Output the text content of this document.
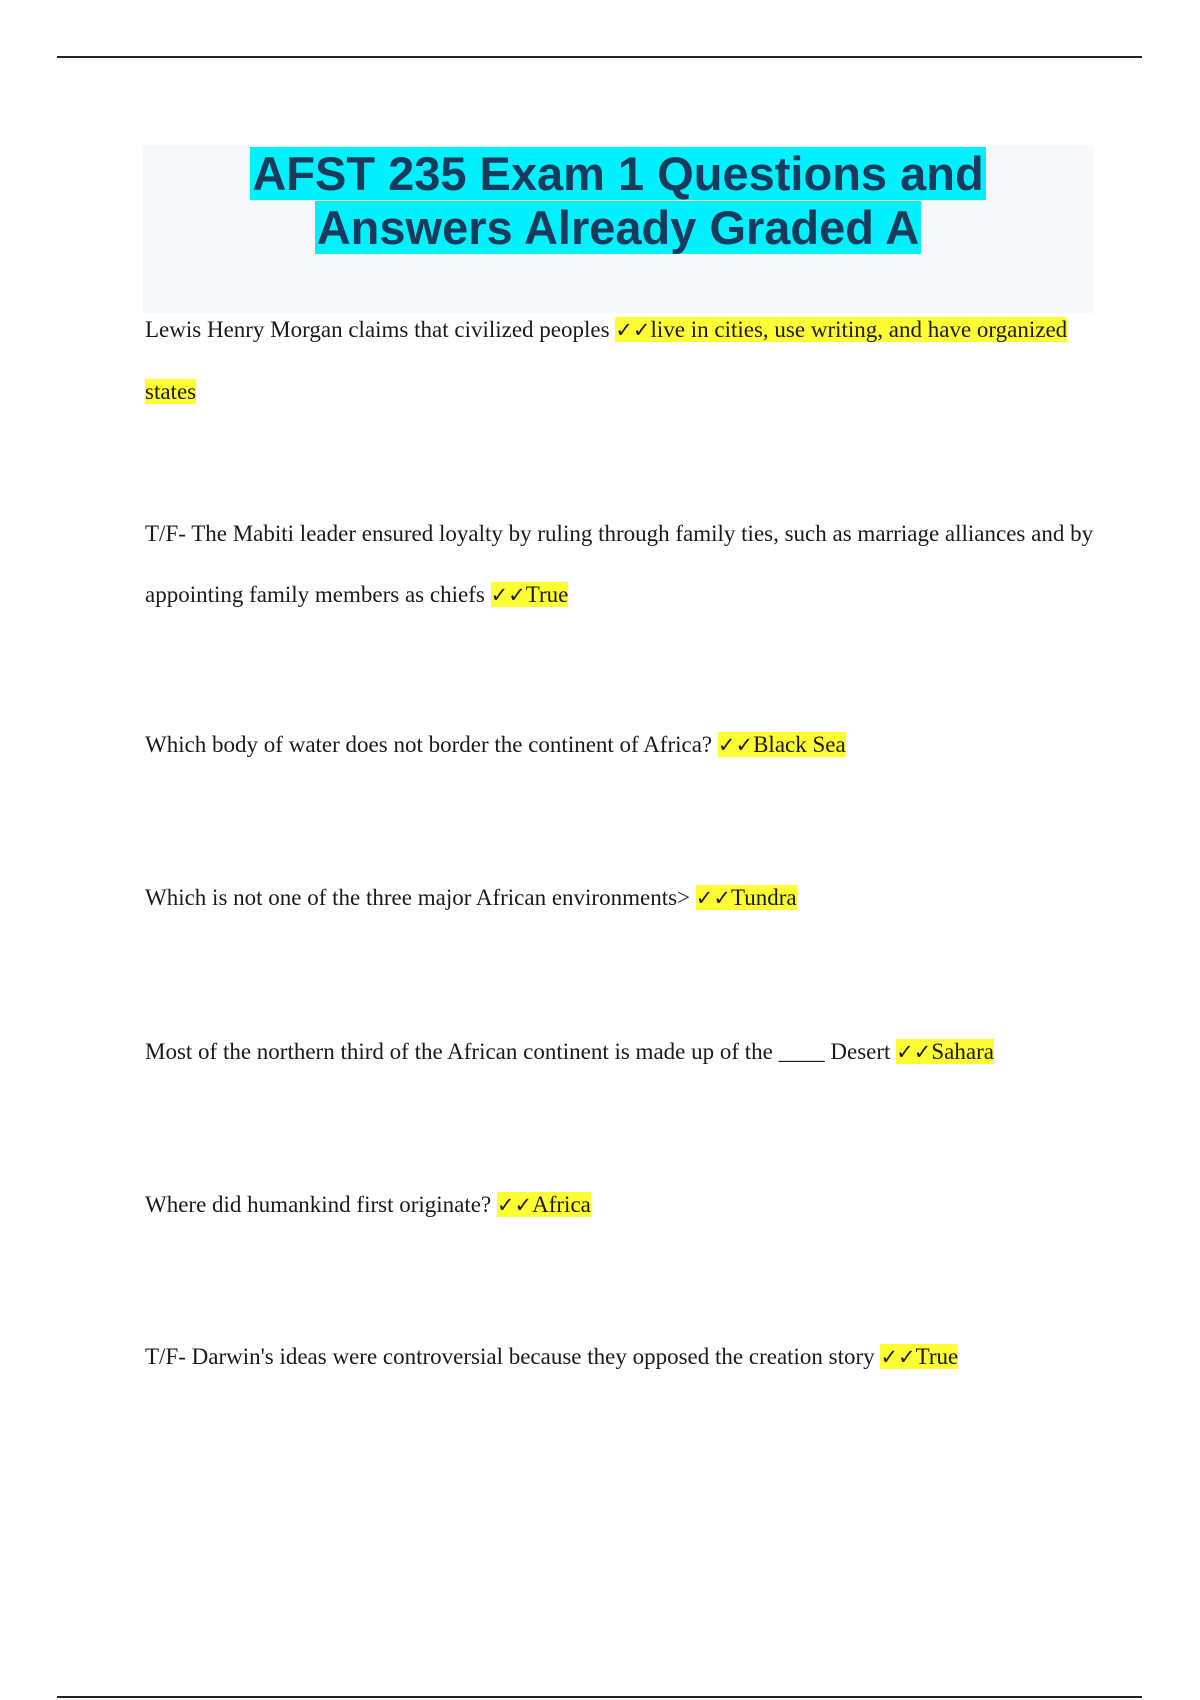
AFST 235 Exam 1 Questions and
Answers Already Graded A

Lewis Henry Morgan claims that civilized peoples ✓✓live in cities, use writing, and have organized states

T/F- The Mabiti leader ensured loyalty by ruling through family ties, such as marriage alliances and by appointing family members as chiefs ✓✓True

Which body of water does not border the continent of Africa? ✓✓Black Sea

Which is not one of the three major African environments> ✓✓Tundra

Most of the northern third of the African continent is made up of the ____ Desert ✓✓Sahara

Where did humankind first originate? ✓✓Africa

T/F- Darwin's ideas were controversial because they opposed the creation story ✓✓True
